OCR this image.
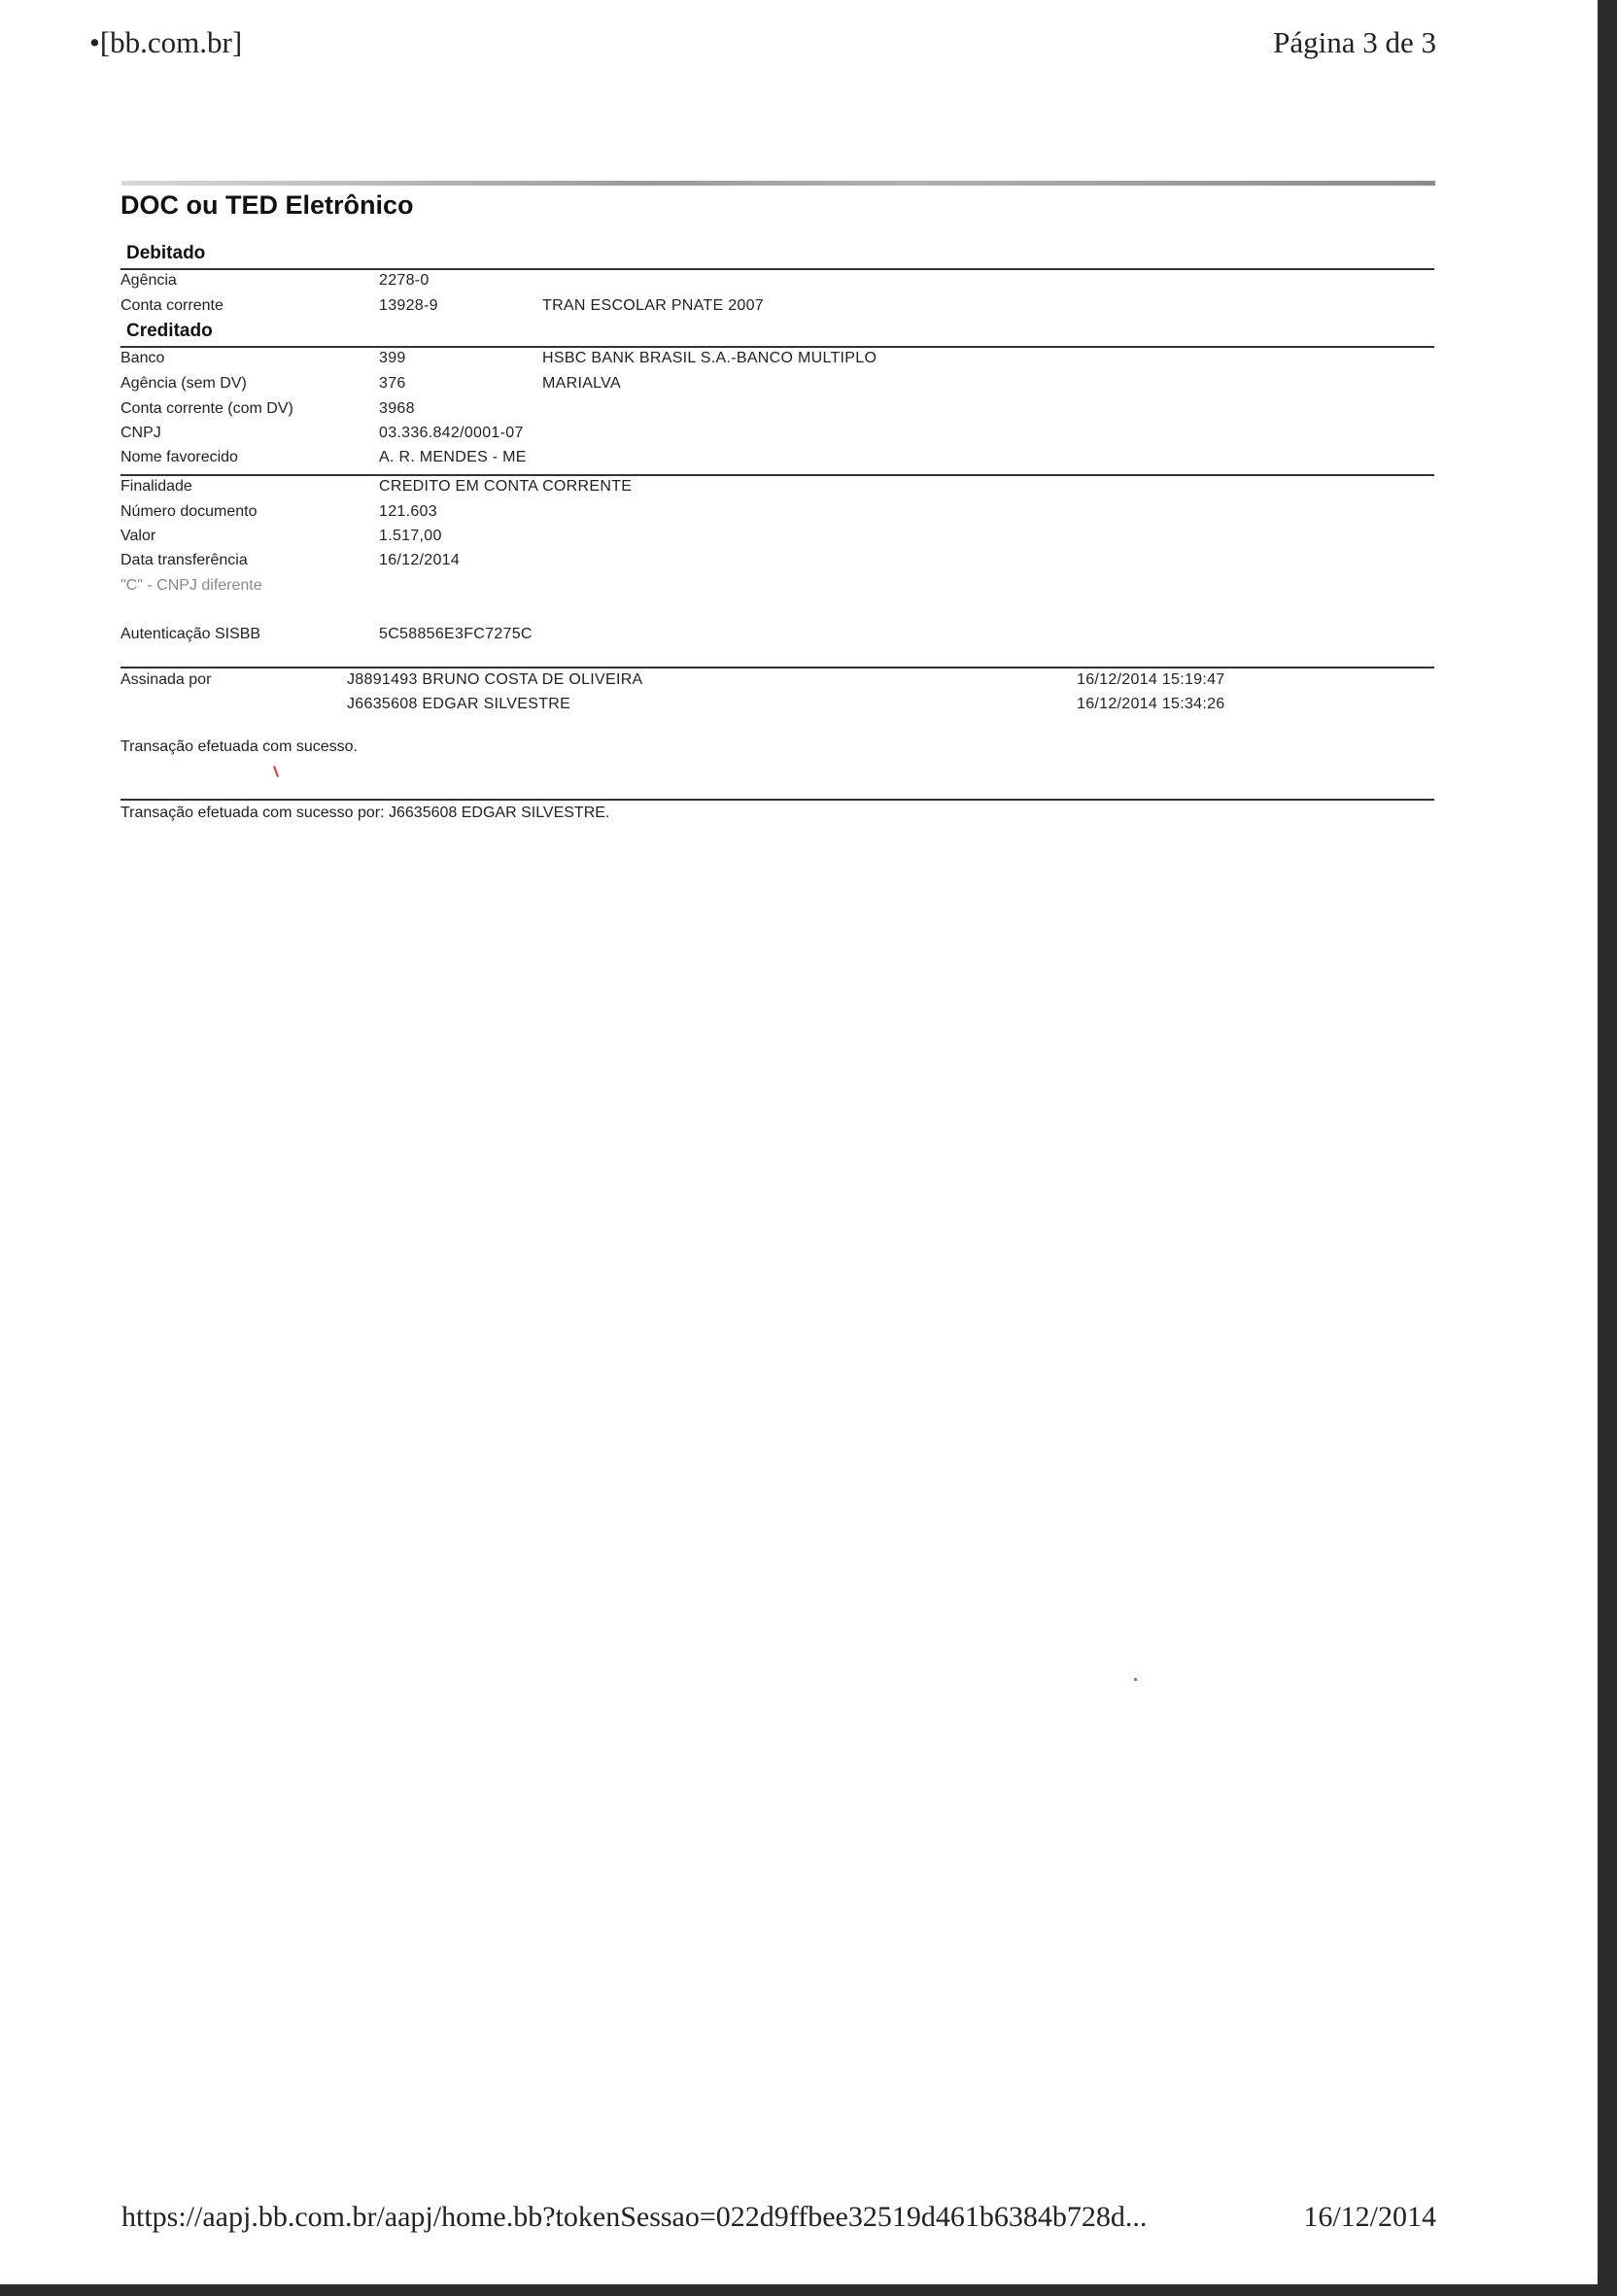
•[bb.com.br]	Página 3 de 3
DOC ou TED Eletrônico
Debitado
Agência	2278-0
Conta corrente	13928-9	TRAN ESCOLAR PNATE 2007
Creditado
Banco	399	HSBC BANK BRASIL S.A.-BANCO MULTIPLO
Agência (sem DV)	376	MARIALVA
Conta corrente (com DV)	3968
CNPJ	03.336.842/0001-07
Nome favorecido	A. R. MENDES - ME
Finalidade	CREDITO EM CONTA CORRENTE
Número documento	121.603
Valor	1.517,00
Data transferência	16/12/2014
"C" - CNPJ diferente
Autenticação SISBB	5C58856E3FC7275C
Assinada por	J8891493 BRUNO COSTA DE OLIVEIRA	16/12/2014 15:19:47
J6635608 EDGAR SILVESTRE	16/12/2014 15:34:26
Transação efetuada com sucesso.
Transação efetuada com sucesso por: J6635608 EDGAR SILVESTRE.
https://aapj.bb.com.br/aapj/home.bb?tokenSessao=022d9ffbee32519d461b6384b728d...	16/12/2014
